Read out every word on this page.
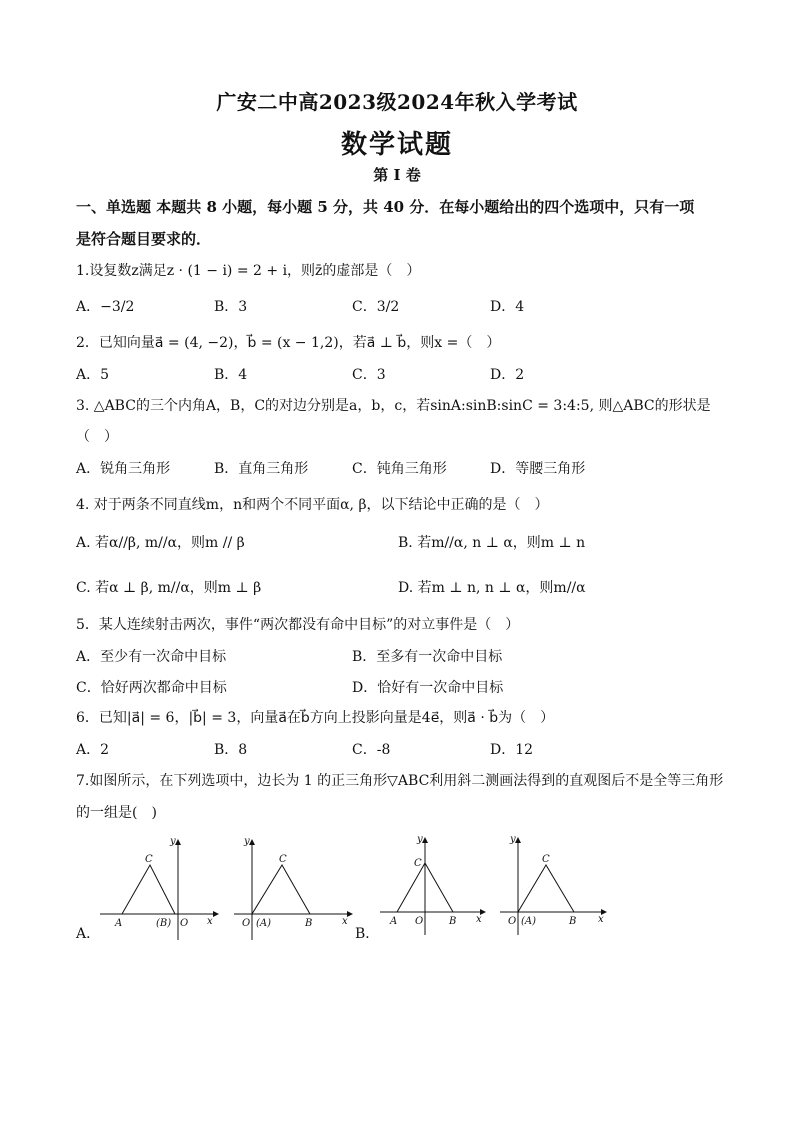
广安二中高2023级2024年秋入学考试
数学试题
第 I 卷
一、单选题 本题共 8 小题，每小题 5 分，共 40 分．在每小题给出的四个选项中，只有一项
是符合题目要求的．
1.设复数z满足z · (1 − i) = 2 + i，则z̄的虚部是（　）
A．−3/2	B．3	C．3/2	D．4
2．已知向量a⃗ = (4, −2)，b⃗ = (x − 1,2)，若a⃗ ⊥ b⃗，则x =（　）
A．5	B．4	C．3	D．2
3. △ABC的三个内角A，B，C的对边分别是a，b，c，若sinA:sinB:sinC = 3:4:5, 则△ABC的形状是
（　）
A．锐角三角形	B．直角三角形	C．钝角三角形	D．等腰三角形
4. 对于两条不同直线m，n和两个不同平面α, β，以下结论中正确的是（　）
A. 若α//β, m//α，则m // β	B. 若m//α, n ⊥ α，则m ⊥ n
C. 若α ⊥ β, m//α，则m ⊥ β	D. 若m ⊥ n, n ⊥ α，则m//α
5．某人连续射击两次，事件“两次都没有命中目标”的对立事件是（　）
A．至少有一次命中目标	B．至多有一次命中目标
C．恰好两次都命中目标	D．恰好有一次命中目标
6．已知|a⃗| = 6，|b⃗| = 3，向量a⃗在b⃗方向上投影向量是4e⃗，则a⃗ · b⃗为（　）
A．2	B．8	C．-8	D．12
7.如图所示，在下列选项中，边长为 1 的正三角形▽ABC利用斜二测画法得到的直观图后不是全等三角形
的一组是(　)
A．	B．
y
C
A	(B) O x
y
C
O (A)	B	x
y
C
A O	B x
y
C
O (A)	B x
